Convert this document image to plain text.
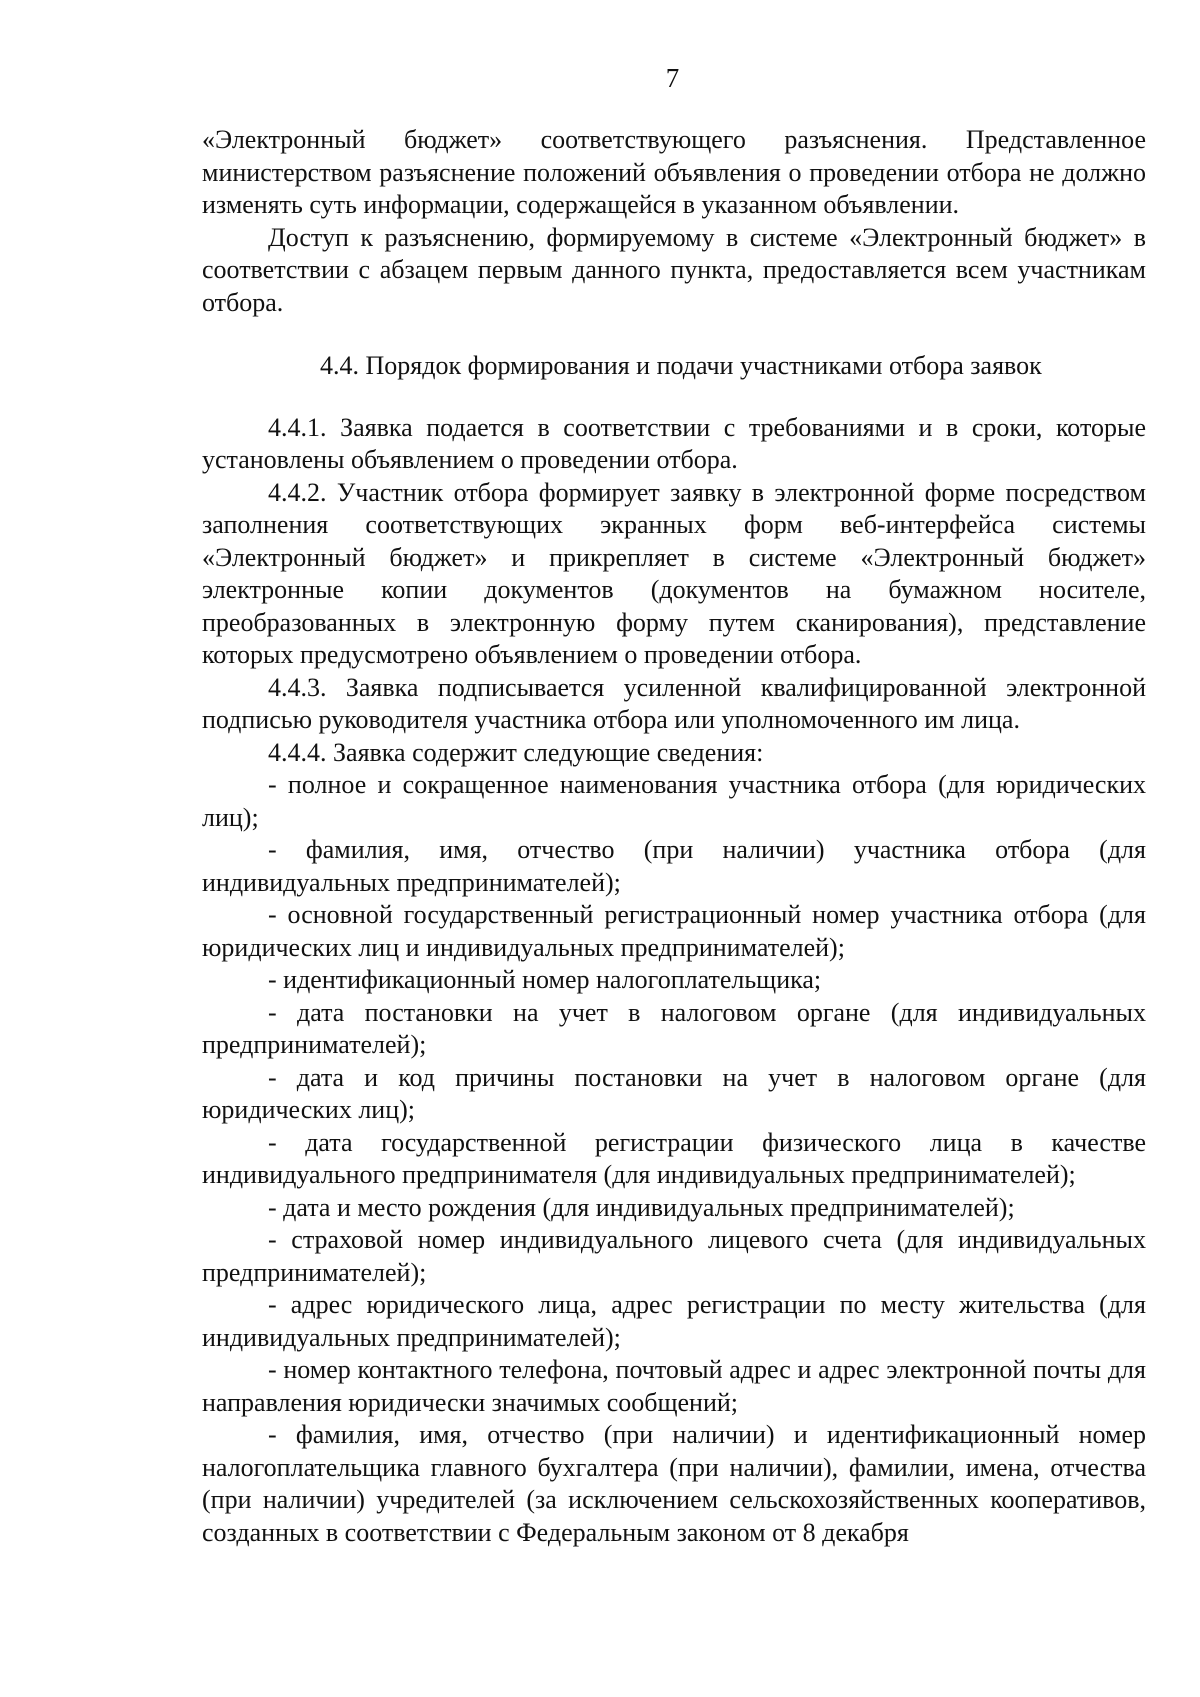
7

«Электронный бюджет» соответствующего разъяснения. Представленное министерством разъяснение положений объявления о проведении отбора не должно изменять суть информации, содержащейся в указанном объявлении.

Доступ к разъяснению, формируемому в системе «Электронный бюджет» в соответствии с абзацем первым данного пункта, предоставляется всем участникам отбора.

4.4. Порядок формирования и подачи участниками отбора заявок

4.4.1. Заявка подается в соответствии с требованиями и в сроки, которые установлены объявлением о проведении отбора.

4.4.2. Участник отбора формирует заявку в электронной форме посредством заполнения соответствующих экранных форм веб-интерфейса системы «Электронный бюджет» и прикрепляет в системе «Электронный бюджет» электронные копии документов (документов на бумажном носителе, преобразованных в электронную форму путем сканирования), представление которых предусмотрено объявлением о проведении отбора.

4.4.3. Заявка подписывается усиленной квалифицированной электронной подписью руководителя участника отбора или уполномоченного им лица.

4.4.4. Заявка содержит следующие сведения:

- полное и сокращенное наименования участника отбора (для юридических лиц);

- фамилия, имя, отчество (при наличии) участника отбора (для индивидуальных предпринимателей);

- основной государственный регистрационный номер участника отбора (для юридических лиц и индивидуальных предпринимателей);

- идентификационный номер налогоплательщика;

- дата постановки на учет в налоговом органе (для индивидуальных предпринимателей);

- дата и код причины постановки на учет в налоговом органе (для юридических лиц);

- дата государственной регистрации физического лица в качестве индивидуального предпринимателя (для индивидуальных предпринимателей);

- дата и место рождения (для индивидуальных предпринимателей);

- страховой номер индивидуального лицевого счета (для индивидуальных предпринимателей);

- адрес юридического лица, адрес регистрации по месту жительства (для индивидуальных предпринимателей);

- номер контактного телефона, почтовый адрес и адрес электронной почты для направления юридически значимых сообщений;

- фамилия, имя, отчество (при наличии) и идентификационный номер налогоплательщика главного бухгалтера (при наличии), фамилии, имена, отчества (при наличии) учредителей (за исключением сельскохозяйственных кооперативов, созданных в соответствии с Федеральным законом от 8 декабря
